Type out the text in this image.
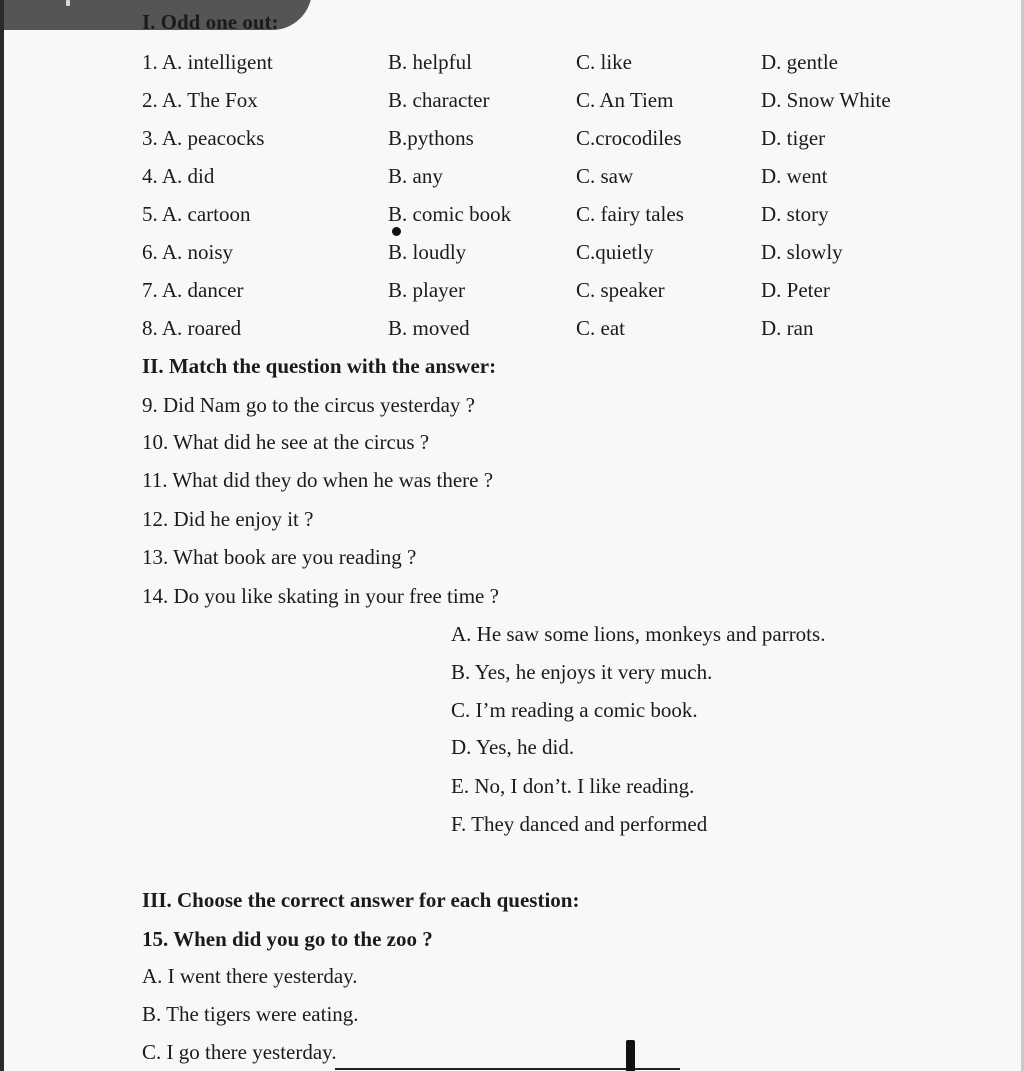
I. Odd one out:
1. A. intelligent	B. helpful	C. like	D. gentle
2. A. The Fox	B. character	C. An Tiem	D. Snow White
3. A. peacocks	B.pythons	C.crocodiles	D. tiger
4. A. did	B. any	C. saw	D. went
5. A. cartoon	B. comic book	C. fairy tales	D. story
6. A. noisy	B. loudly	C.quietly	D. slowly
7. A. dancer	B. player	C. speaker	D. Peter
8. A. roared	B. moved	C. eat	D. ran
II. Match the question with the answer:
9. Did Nam go to the circus yesterday ?
10. What did he see at the circus ?
11. What did they do when he was there ?
12. Did he enjoy it ?
13. What book are you reading ?
14. Do you like skating in your free time ?
A. He saw some lions, monkeys and parrots.
B. Yes, he enjoys it very much.
C. I’m reading a comic book.
D. Yes, he did.
E. No, I don’t. I like reading.
F. They danced and performed
III. Choose the correct answer for each question:
15. When did you go to the zoo ?
A. I went there yesterday.
B. The tigers were eating.
C. I go there yesterday.
